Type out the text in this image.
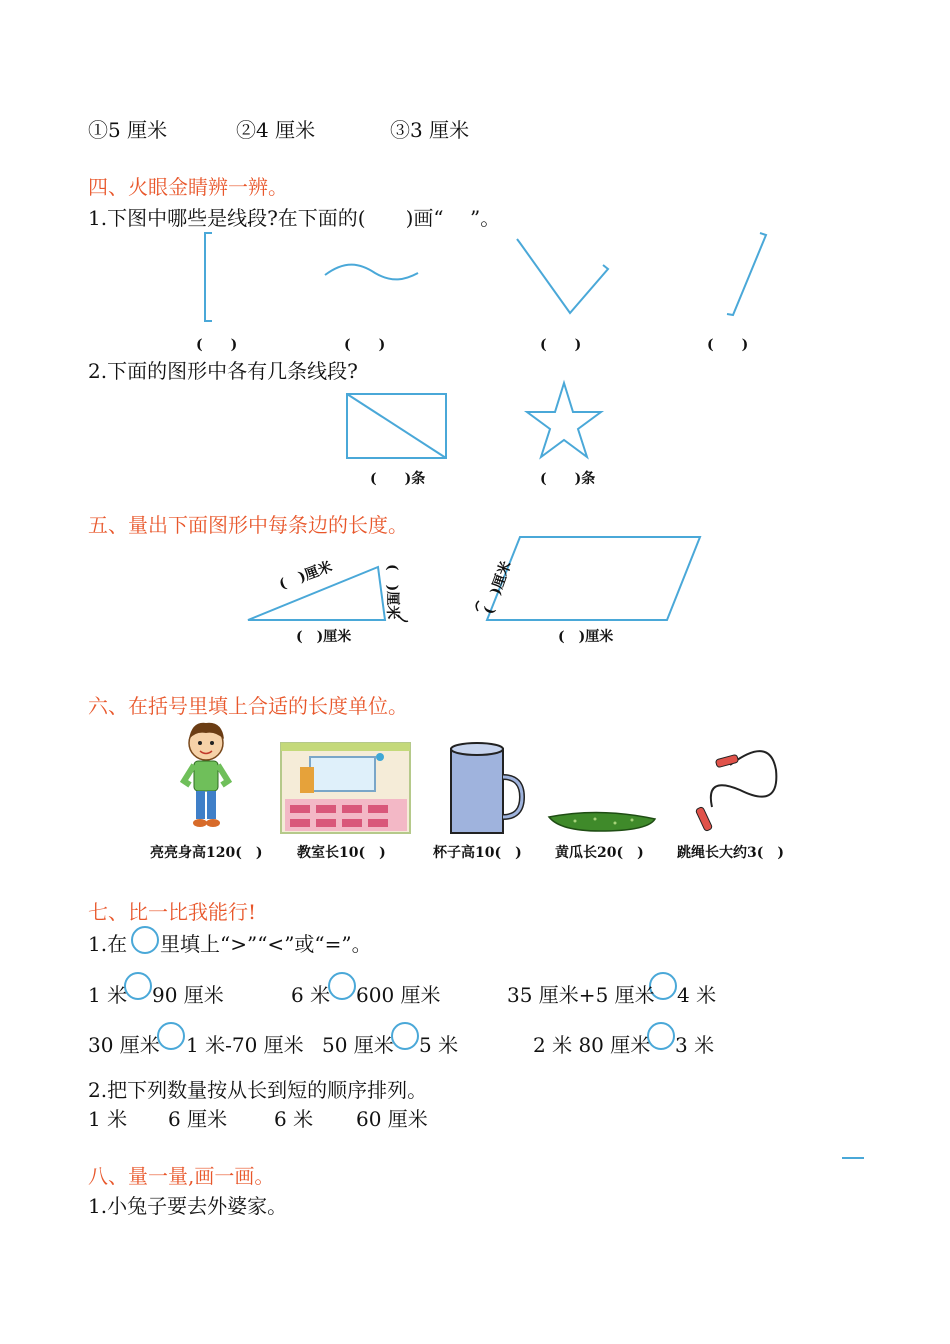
①5 厘米	②4 厘米	③3 厘米
四、火眼金睛辨一辨。
1.下图中哪些是线段?在下面的(　　)画“　 ”。
(　　)	(　　)	(　　)	(　　)
2.下面的图形中各有几条线段?
(　　)条	(　　)条
五、量出下面图形中每条边的长度。
(　)厘米	(　)厘米
(　)厘米
(　)厘米
(　)厘米
六、在括号里填上合适的长度单位。
亮亮身高120(　) 教室长10(　)	杯子高10(　) 黄瓜长20(　) 跳绳长大约3(　)
七、比一比我能行!
1.在 里填上“>”“<”或“=”。
1 米 90 厘米	6 米 600 厘米	35 厘米+5 厘米 4 米
30 厘米 1 米-70 厘米 50 厘米 5 米	2 米 80 厘米 3 米
2.把下列数量按从长到短的顺序排列。
1 米 6 厘米 6 米 60 厘米
八、量一量,画一画。
1.小兔子要去外婆家。
